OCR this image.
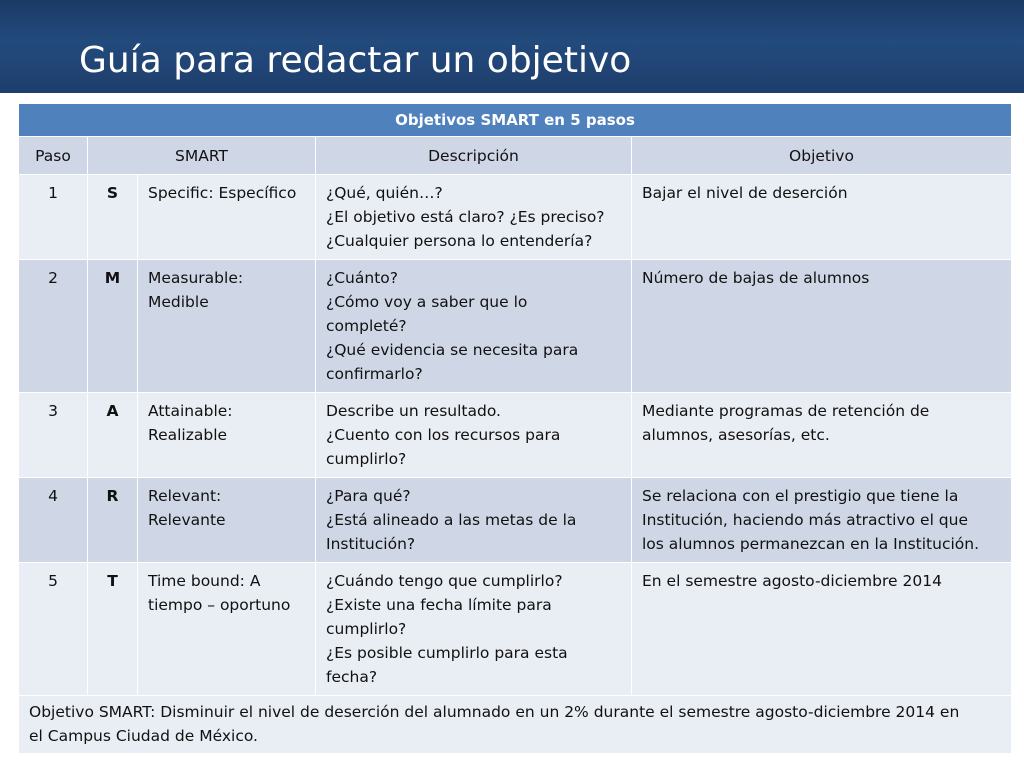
Guía para redactar un objetivo
Objetivos SMART en 5 pasos				
Paso	SMART		Descripción	Objetivo

1	S	Specific: Específico	¿Qué, quién…?
¿El objetivo está claro? ¿Es preciso?
¿Cualquier persona lo entendería?	Bajar el nivel de deserción

2	M	Measurable:
Medible	¿Cuánto?
¿Cómo voy a saber que lo
completé?
¿Qué evidencia se necesita para
confirmarlo?	Número de bajas de alumnos

3	A	Attainable:
Realizable	Describe un resultado.
¿Cuento con los recursos para
cumplirlo?	Mediante programas de retención de
alumnos, asesorías, etc.

4	R	Relevant:
Relevante	¿Para qué?
¿Está alineado a las metas de la
Institución?	Se relaciona con el prestigio que tiene la
Institución, haciendo más atractivo el que
los alumnos permanezcan en la Institución.

5	T	Time bound: A
tiempo – oportuno	¿Cuándo tengo que cumplirlo?
¿Existe una fecha límite para
cumplirlo?
¿Es posible cumplirlo para esta
fecha?	En el semestre agosto-diciembre 2014

Objetivo SMART: Disminuir el nivel de deserción del alumnado en un 2% durante el semestre agosto-diciembre 2014 en
el Campus Ciudad de México.				
